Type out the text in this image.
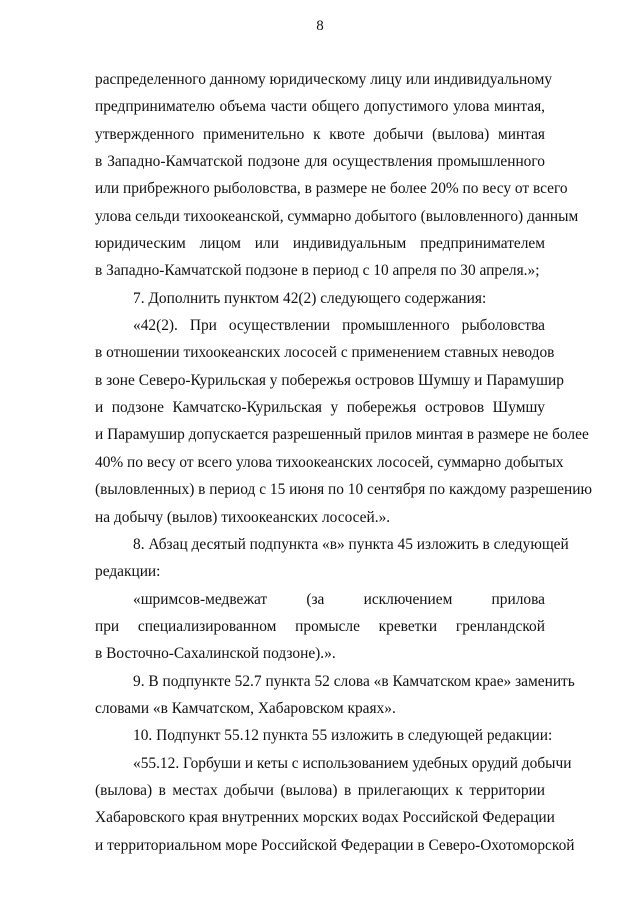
8
распределенного данному юридическому лицу или индивидуальному
предпринимателю объема части общего допустимого улова минтая,
утвержденного применительно к квоте добычи (вылова) минтая
в Западно-Камчатской подзоне для осуществления промышленного
или прибрежного рыболовства, в размере не более 20% по весу от всего
улова сельди тихоокеанской, суммарно добытого (выловленного) данным
юридическим лицом или индивидуальным предпринимателем
в Западно-Камчатской подзоне в период с 10 апреля по 30 апреля.»;
7. Дополнить пунктом 42(2) следующего содержания:
«42(2). При осуществлении промышленного рыболовства
в отношении тихоокеанских лососей с применением ставных неводов
в зоне Северо-Курильская у побережья островов Шумшу и Парамушир
и подзоне Камчатско-Курильская у побережья островов Шумшу
и Парамушир допускается разрешенный прилов минтая в размере не более
40% по весу от всего улова тихоокеанских лососей, суммарно добытых
(выловленных) в период с 15 июня по 10 сентября по каждому разрешению
на добычу (вылов) тихоокеанских лососей.».
8. Абзац десятый подпункта «в» пункта 45 изложить в следующей
редакции:
«шримсов-медвежат (за исключением прилова
при специализированном промысле креветки гренландской
в Восточно-Сахалинской подзоне).».
9. В подпункте 52.7 пункта 52 слова «в Камчатском крае» заменить
словами «в Камчатском, Хабаровском краях».
10. Подпункт 55.12 пункта 55 изложить в следующей редакции:
«55.12. Горбуши и кеты с использованием удебных орудий добычи
(вылова) в местах добычи (вылова) в прилегающих к территории
Хабаровского края внутренних морских водах Российской Федерации
и территориальном море Российской Федерации в Северо-Охотоморской
